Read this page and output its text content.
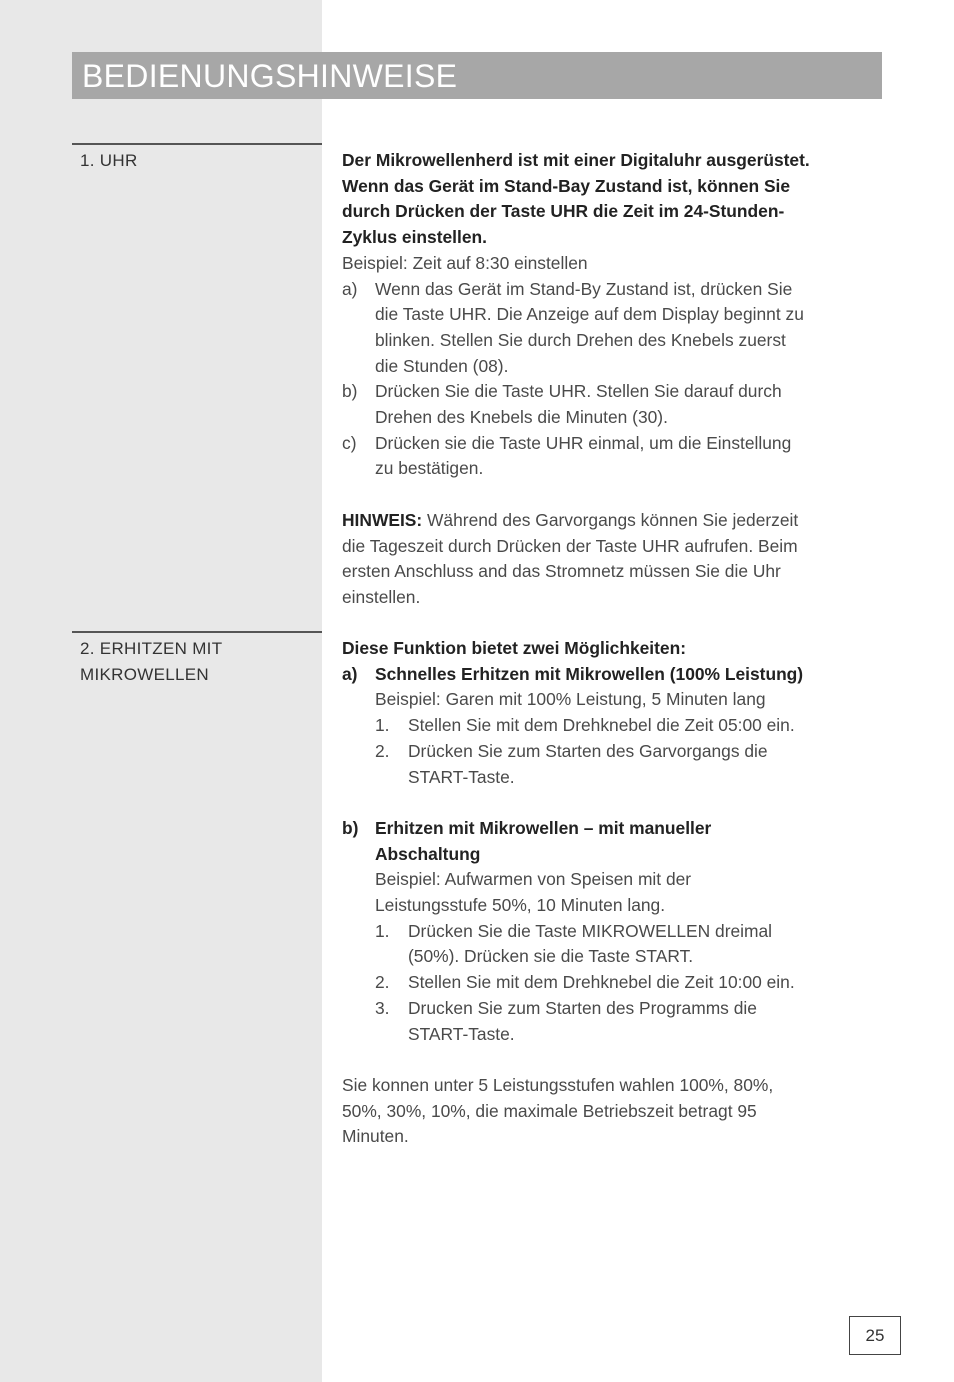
BEDIENUNGSHINWEISE
1. UHR	Der Mikrowellenherd ist mit einer Digitaluhr ausgerüstet.
Wenn das Gerät im Stand-Bay Zustand ist, können Sie
durch Drücken der Taste UHR die Zeit im 24-Stunden-
Zyklus einstellen.
Beispiel: Zeit auf 8:30 einstellen
a)	Wenn das Gerät im Stand-By Zustand ist, drücken Sie
die Taste UHR. Die Anzeige auf dem Display beginnt zu
blinken. Stellen Sie durch Drehen des Knebels zuerst
die Stunden (08).
b)	Drücken Sie die Taste UHR. Stellen Sie darauf durch
Drehen des Knebels die Minuten (30).
c)	Drücken sie die Taste UHR einmal, um die Einstellung
zu bestätigen.
HINWEIS: Während des Garvorgangs können Sie jederzeit
die Tageszeit durch Drücken der Taste UHR aufrufen. Beim
ersten Anschluss and das Stromnetz müssen Sie die Uhr
einstellen.
2. ERHITZEN MIT
MIKROWELLEN
Diese Funktion bietet zwei Möglichkeiten:
a)	Schnelles Erhitzen mit Mikrowellen (100% Leistung)
Beispiel: Garen mit 100% Leistung, 5 Minuten lang
1.	Stellen Sie mit dem Drehknebel die Zeit 05:00 ein.
2.	Drücken Sie zum Starten des Garvorgangs die
START-Taste.
b) Erhitzen mit Mikrowellen – mit manueller
Abschaltung
Beispiel: Aufwarmen von Speisen mit der
Leistungsstufe 50%, 10 Minuten lang.
1.	Drücken Sie die Taste MIKROWELLEN dreimal
(50%). Drücken sie die Taste START.
2.	Stellen Sie mit dem Drehknebel die Zeit 10:00 ein.
3.	Drucken Sie zum Starten des Programms die
START-Taste.
Sie konnen unter 5 Leistungsstufen wahlen 100%, 80%,
50%, 30%, 10%, die maximale Betriebszeit betragt 95
Minuten.
25
